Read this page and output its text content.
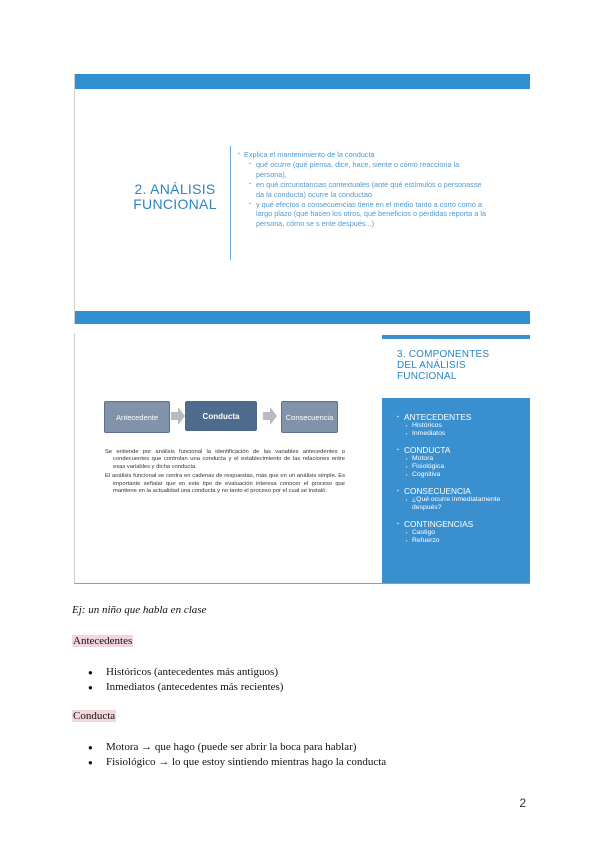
2. ANÁLISIS
FUNCIONAL
▪ Explica el mantenimiento de la conducta
▪ qué ocurre (qué piensa, dice, hace, siente o cómo reacciona la persona),
▪ en qué circunstancias contextuales (ante qué estímulos o personasse da la conducta) ocurre la conductao
▪ y qué efectos o consecuencias tiene en el medio tanto a corto como a largo plazo (qué hacen los otros, qué beneficios o pérdidas reporta a la persona, cómo se s ente después...)
3. COMPONENTES
DEL ANÁLISIS
FUNCIONAL
▪ ANTECEDENTES
▪ Históricos
▪ Inmediatos
▪ CONDUCTA
▪ Motora
▪ Fisiológica
▪ Cognitiva
▪ CONSECUENCIA
▪ ¿Qué ocurre inmediatamente después?
▪ CONTINGENCIAS
▪ Castigo
▪ Refuerzo
Antecedente	Conducta	Consecuencia

Se entiende por análisis funcional la identificación de las variables antecedentes o condecuentes que controlan una conducta y el establecimiento de las relaciones entre esas variables y dicha conducta.

El análisis funcional se centra en cadenas de respuestas, más que en un análisis simple. Es importante señalar que en este tipo de evaluación interesa conocer el proceso que mantiene en la actualidad una conducta y no tanto el proceso por el cual se instaló.

Ej: un niño que habla en clase
Antecedentes
● Históricos (antecedentes más antiguos)
● Inmediatos (antecedentes más recientes)
Conducta
● Motora → que hago (puede ser abrir la boca para hablar)
● Fisiológico → lo que estoy sintiendo mientras hago la conducta
2
